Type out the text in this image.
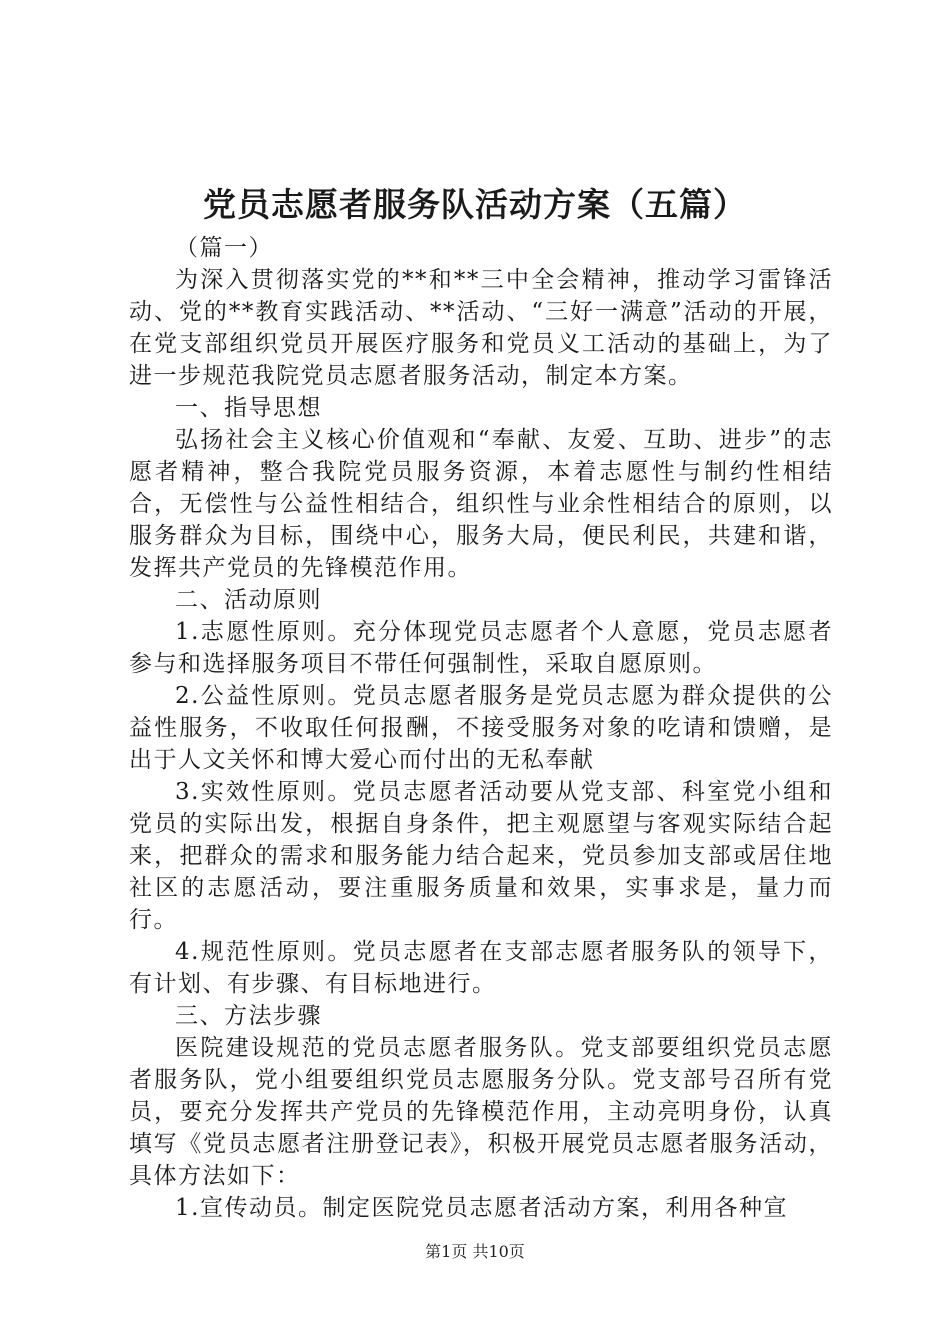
党员志愿者服务队活动方案（五篇）

（篇一）

为深入贯彻落实党的**和**三中全会精神，推动学习雷锋活动、党的**教育实践活动、**活动、“三好一满意”活动的开展，在党支部组织党员开展医疗服务和党员义工活动的基础上，为了进一步规范我院党员志愿者服务活动，制定本方案。

一、指导思想

弘扬社会主义核心价值观和“奉献、友爱、互助、进步”的志愿者精神，整合我院党员服务资源，本着志愿性与制约性相结合，无偿性与公益性相结合，组织性与业余性相结合的原则，以服务群众为目标，围绕中心，服务大局，便民利民，共建和谐，发挥共产党员的先锋模范作用。

二、活动原则

1.志愿性原则。充分体现党员志愿者个人意愿，党员志愿者参与和选择服务项目不带任何强制性，采取自愿原则。

2.公益性原则。党员志愿者服务是党员志愿为群众提供的公益性服务，不收取任何报酬，不接受服务对象的吃请和馈赠，是出于人文关怀和博大爱心而付出的无私奉献

3.实效性原则。党员志愿者活动要从党支部、科室党小组和党员的实际出发，根据自身条件，把主观愿望与客观实际结合起来，把群众的需求和服务能力结合起来，党员参加支部或居住地社区的志愿活动，要注重服务质量和效果，实事求是，量力而行。

4.规范性原则。党员志愿者在支部志愿者服务队的领导下，有计划、有步骤、有目标地进行。

三、方法步骤

医院建设规范的党员志愿者服务队。党支部要组织党员志愿者服务队，党小组要组织党员志愿服务分队。党支部号召所有党员，要充分发挥共产党员的先锋模范作用，主动亮明身份，认真填写《党员志愿者注册登记表》，积极开展党员志愿者服务活动，具体方法如下：

1.宣传动员。制定医院党员志愿者活动方案，利用各种宣

第1页 共10页
